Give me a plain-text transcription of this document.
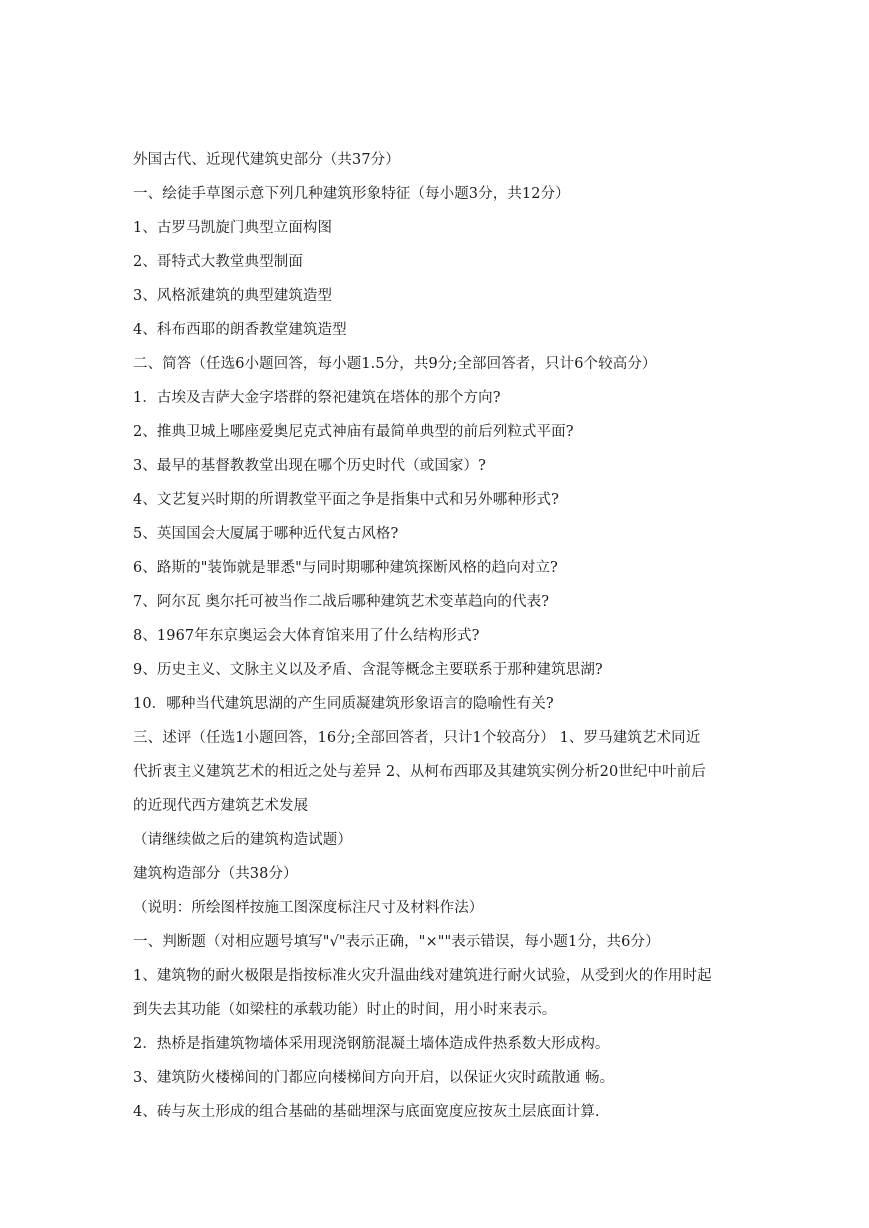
外国古代、近现代建筑史部分（共37分）
一、绘徒手草图示意下列几种建筑形象特征（每小题3分，共12分）
1、古罗马凯旋门典型立面构图
2、哥特式大教堂典型制面
3、风格派建筑的典型建筑造型
4、科布西耶的朗香教堂建筑造型
二、简答（任选6小题回答，每小题1.5分，共9分;全部回答者，只计6个较高分）
1．古埃及吉萨大金字塔群的祭祀建筑在塔体的那个方向?
2、推典卫城上哪座爱奥尼克式神庙有最简单典型的前后列粒式平面?
3、最早的基督教教堂出现在哪个历史时代（或国家）?
4、文艺复兴时期的所谓教堂平面之争是指集中式和另外哪种形式?
5、英国国会大厦属于哪种近代复古风格?
6、路斯的"装饰就是罪悉"与同时期哪种建筑探断风格的趋向对立?
7、阿尔瓦 奥尔托可被当作二战后哪种建筑艺术变革趋向的代表?
8、1967年东京奥运会大体育馆来用了什么结构形式?
9、历史主义、文脉主义以及矛盾、含混等概念主要联系于那种建筑思湖?
10．哪种当代建筑思湖的产生同质凝建筑形象语言的隐喻性有关?
三、述评（任选1小题回答，16分;全部回答者，只计1个较高分） 1、罗马建筑艺术同近
代折衷主义建筑艺术的相近之处与差异 2、从柯布西耶及其建筑实例分析20世纪中叶前后
的近现代西方建筑艺术发展
（请继续做之后的建筑构造试题）
建筑构造部分（共38分）
（说明：所绘图样按施工图深度标注尺寸及材料作法）
一、判断题（对相应题号填写"√"表示正确，"×""表示错误，每小题1分，共6分）
1、建筑物的耐火极限是指按标准火灾升温曲线对建筑进行耐火试验，从受到火的作用时起
到失去其功能（如梁柱的承载功能）时止的时间，用小时来表示。
2．热桥是指建筑物墙体采用现浇钢筋混凝土墙体造成件热系数大形成构。
3、建筑防火楼梯间的门都应向楼梯间方向开启，以保证火灾时疏散通 畅。
4、砖与灰土形成的组合基础的基础埋深与底面宽度应按灰土层底面计算.
